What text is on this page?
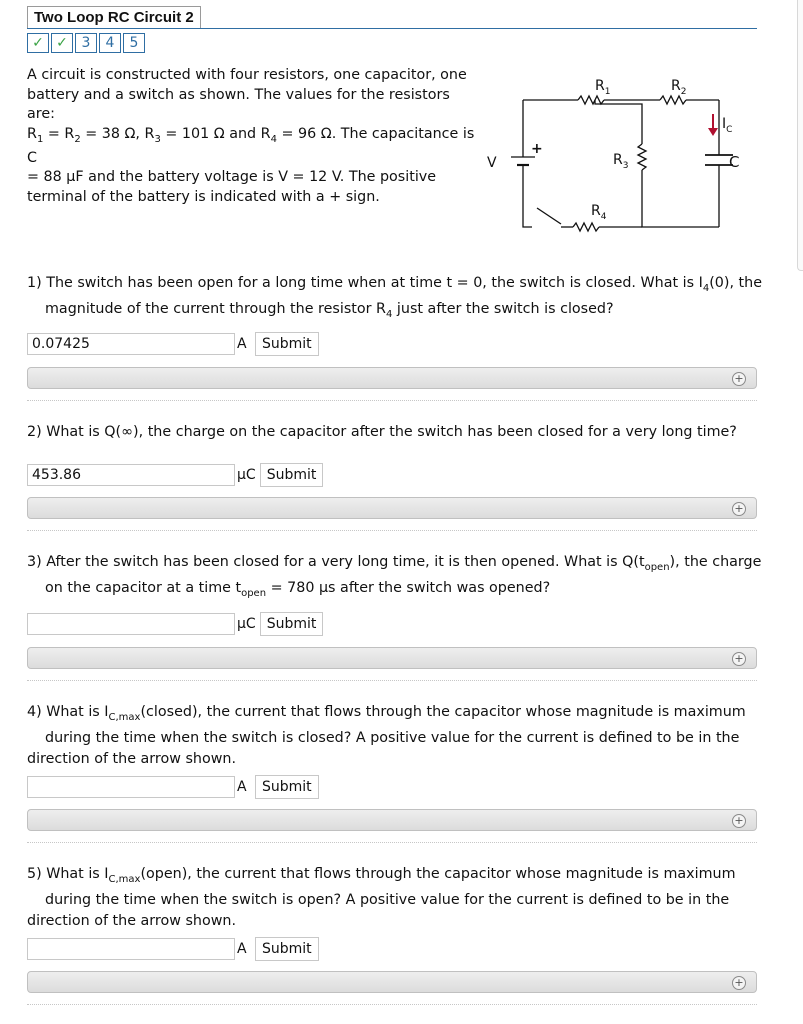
Two Loop RC Circuit 2
✓ ✓ 3 4 5
A circuit is constructed with four resistors, one capacitor, one
battery and a switch as shown. The values for the resistors are:
$R_1 = R_2 = 38$ Ω, $R_3 = 101$ Ω and $R_4 = 96$ Ω. The capacitance is C
= 88 μF and the battery voltage is V = 12 V. The positive
terminal of the battery is indicated with a + sign.
$R_1$	$R_2$
$R_3$
$R_4$
$I_C$
C
V
+
1) The switch has been open for a long time when at time t = 0, the switch is closed. What is $I_4(0)$, the
magnitude of the current through the resistor $R_4$ just after the switch is closed?
0.07425
A	Submit
+
2) What is Q(∞), the charge on the capacitor after the switch has been closed for a very long time?
453.86
μC Submit
+
3) After the switch has been closed for a very long time, it is then opened. What is $Q(t_{open})$, the charge
on the capacitor at a time $t_{open} = 780$ μs after the switch was opened?
μC Submit
+
4) What is $I_{C,max}(closed)$, the current that flows through the capacitor whose magnitude is maximum
during the time when the switch is closed? A positive value for the current is defined to be in the
direction of the arrow shown.
A	Submit
+
5) What is $I_{C,max}(open)$, the current that flows through the capacitor whose magnitude is maximum
during the time when the switch is open? A positive value for the current is defined to be in the
direction of the arrow shown.
A	Submit
+
